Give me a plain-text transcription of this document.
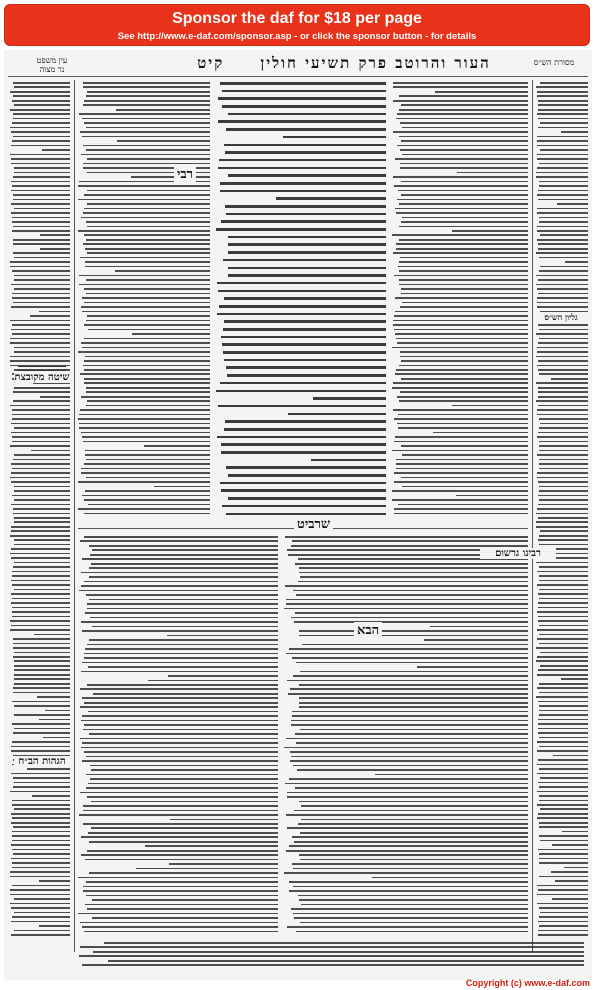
Sponsor the daf for $18 per page
See http://www.e-daf.com/sponsor.asp - or click the sponsor button - for details
עין משפט
נר מצוה	העור והרוטב פרק תשיעי חולין     קיט	מסורת הש״ס
רבי
הבא
שרביט
שיטה מקובצת
הגהות הב״ח
רבינו גרשום
גליון הש״ס
Copyright (c) www.e-daf.com
